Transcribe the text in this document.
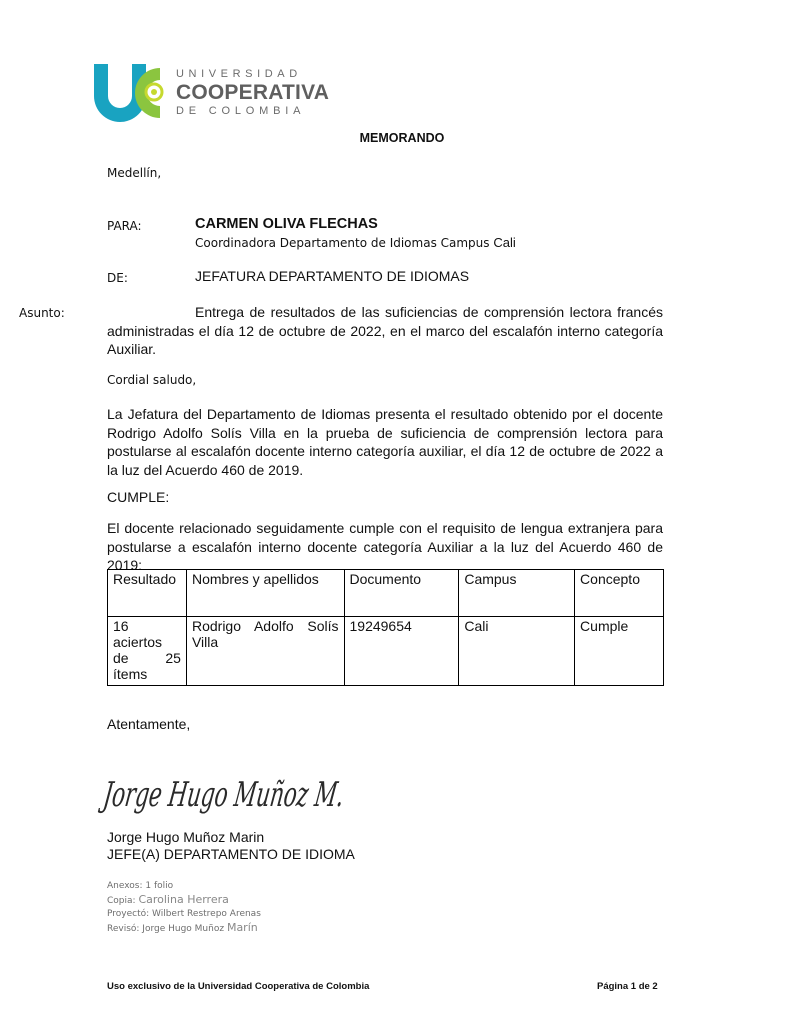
UNIVERSIDAD
COOPERATIVA
DE COLOMBIA
MEMORANDO
Medellín,
PARA:	CARMEN OLIVA FLECHAS
Coordinadora Departamento de Idiomas Campus Cali
DE:	JEFATURA DEPARTAMENTO DE IDIOMAS
Asunto:	Entrega de resultados de las suficiencias de comprensión lectora francés administradas el día 12 de octubre de 2022, en el marco del escalafón interno categoría Auxiliar.
Cordial saludo,
La Jefatura del Departamento de Idiomas presenta el resultado obtenido por el docente Rodrigo Adolfo Solís Villa en la prueba de suficiencia de comprensión lectora para postularse al escalafón docente interno categoría auxiliar, el día 12 de octubre de 2022 a la luz del Acuerdo 460 de 2019.
CUMPLE:
El docente relacionado seguidamente cumple con el requisito de lengua extranjera para postularse a escalafón interno docente categoría Auxiliar a la luz del Acuerdo 460 de 2019:
Resultado	Nombres y apellidos	Documento	Campus	Concepto
16 aciertos de 25 ítems	Rodrigo Adolfo Solís Villa	19249654	Cali	Cumple
Atentamente,
Jorge Hugo Muñoz M.
Jorge Hugo Muñoz Marin
JEFE(A) DEPARTAMENTO DE IDIOMA
Anexos: 1 folio
Copia: Carolina Herrera
Proyectó: Wilbert Restrepo Arenas
Revisó: Jorge Hugo Muñoz Marín
Uso exclusivo de la Universidad Cooperativa de Colombia	Página 1 de 2
